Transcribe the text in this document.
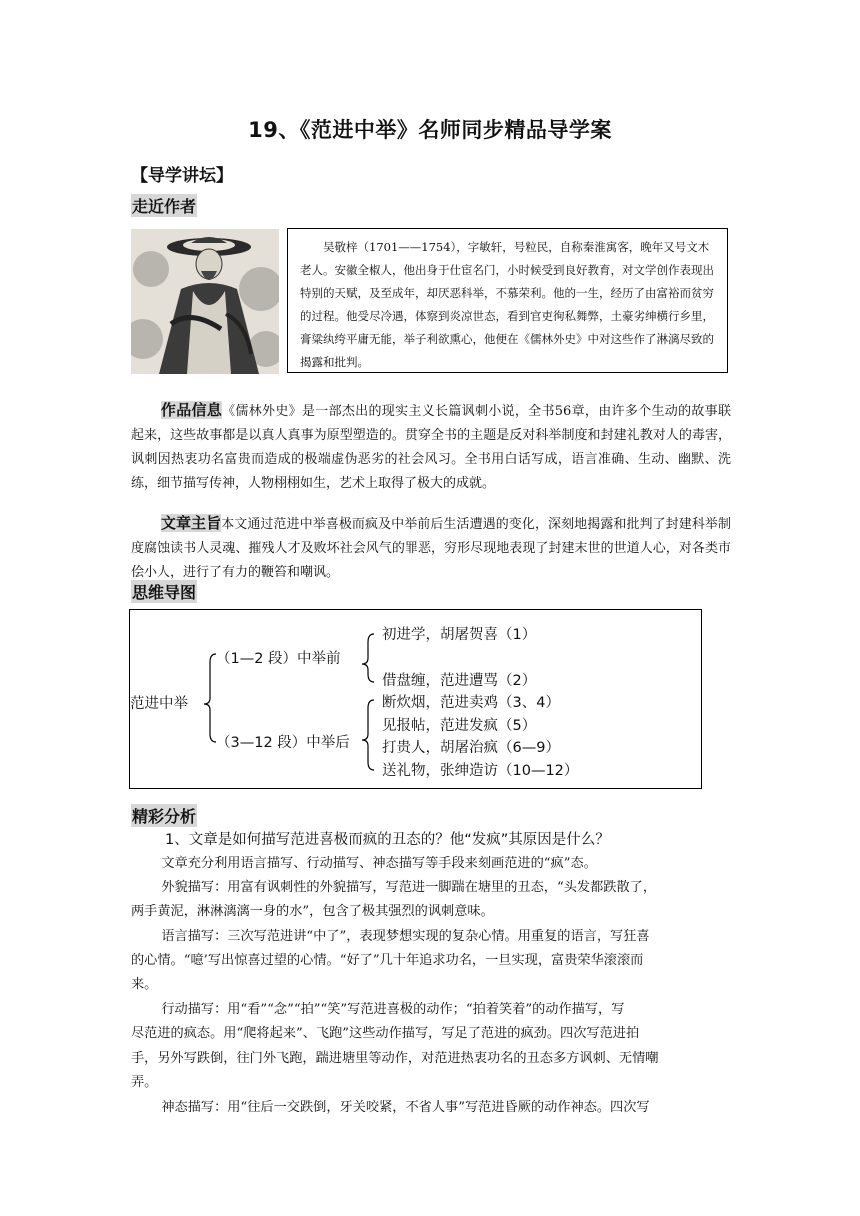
19、《范进中举》名师同步精品导学案
【导学讲坛】
走近作者
吴敬梓（1701——1754），字敏轩，号粒民，自称秦淮寓客，晚年又号文木老人。安徽全椒人，他出身于仕宦名门，小时候受到良好教育，对文学创作表现出特别的天赋，及至成年，却厌恶科举，不慕荣利。他的一生，经历了由富裕而贫穷的过程。他受尽冷遇，体察到炎凉世态，看到官吏徇私舞弊，土豪劣绅横行乡里，膏粱纨绔平庸无能，举子利欲熏心，他便在《儒林外史》中对这些作了淋漓尽致的揭露和批判。
作品信息《儒林外史》是一部杰出的现实主义长篇讽刺小说，全书56章，由许多个生动的故事联起来，这些故事都是以真人真事为原型塑造的。贯穿全书的主题是反对科举制度和封建礼教对人的毒害，讽刺因热衷功名富贵而造成的极端虚伪恶劣的社会风习。全书用白话写成，语言准确、生动、幽默、洗练，细节描写传神，人物栩栩如生，艺术上取得了极大的成就。
文章主旨本文通过范进中举喜极而疯及中举前后生活遭遇的变化，深刻地揭露和批判了封建科举制度腐蚀读书人灵魂、摧残人才及败坏社会风气的罪恶，穷形尽现地表现了封建末世的世道人心，对各类市侩小人，进行了有力的鞭笞和嘲讽。
思维导图
范进中举
（1—2 段）中举前
（3—12 段）中举后
初进学，胡屠贺喜（1）
借盘缠，范进遭骂（2）
断炊烟，范进卖鸡（3、4）
见报帖，范进发疯（5）
打贵人，胡屠治疯（6—9）
送礼物，张绅造访（10—12）
精彩分析
1、文章是如何描写范进喜极而疯的丑态的？他“发疯”其原因是什么？
文章充分利用语言描写、行动描写、神态描写等手段来刻画范进的“疯”态。
外貌描写：用富有讽刺性的外貌描写，写范进一脚踹在塘里的丑态，“头发都跌散了，
两手黄泥，淋淋漓漓一身的水”，包含了极其强烈的讽刺意味。
语言描写：三次写范进讲“中了”，表现梦想实现的复杂心情。用重复的语言，写狂喜
的心情。“噫’写出惊喜过望的心情。“好了”几十年追求功名，一旦实现，富贵荣华滚滚而
来。
行动描写：用“看”“念”“拍”“笑”写范进喜极的动作；“拍着笑着”的动作描写，写
尽范进的疯态。用“爬将起来”、飞跑”这些动作描写，写足了范进的疯劲。四次写范进拍
手，另外写跌倒，往门外飞跑，踹进塘里等动作，对范进热衷功名的丑态多方讽刺、无情嘲
弄。
神态描写：用“往后一交跌倒，牙关咬紧，不省人事”写范进昏厥的动作神态。四次写
